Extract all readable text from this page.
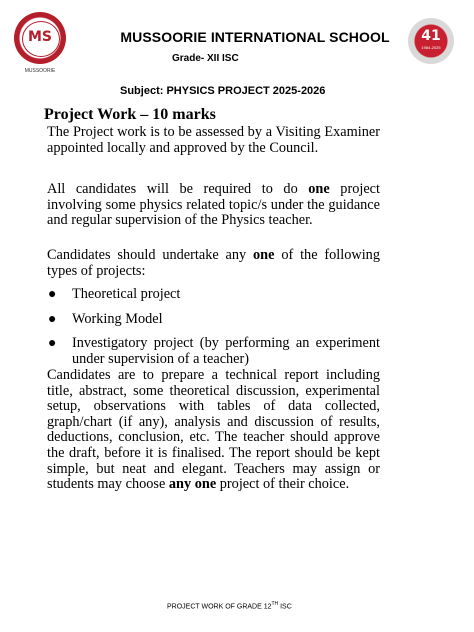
MS
MUSSOORIE
41
1984-2025
MUSSOORIE INTERNATIONAL SCHOOL
Grade- XII ISC
Subject: PHYSICS PROJECT 2025-2026
Project Work – 10 marks
The Project work is to be assessed by a Visiting Examiner appointed locally and approved by the Council.
All candidates will be required to do one project involving some physics related topic/s under the guidance and regular supervision of the Physics teacher.
Candidates should undertake any one of the following types of projects:
● Theoretical project
● Working Model
● Investigatory project (by performing an experiment under supervision of a teacher)
Candidates are to prepare a technical report including title, abstract, some theoretical discussion, experimental setup, observations with tables of data collected, graph/chart (if any), analysis and discussion of results, deductions, conclusion, etc. The teacher should approve the draft, before it is finalised. The report should be kept simple, but neat and elegant. Teachers may assign or students may choose any one project of their choice.
PROJECT WORK OF GRADE 12TH ISC
